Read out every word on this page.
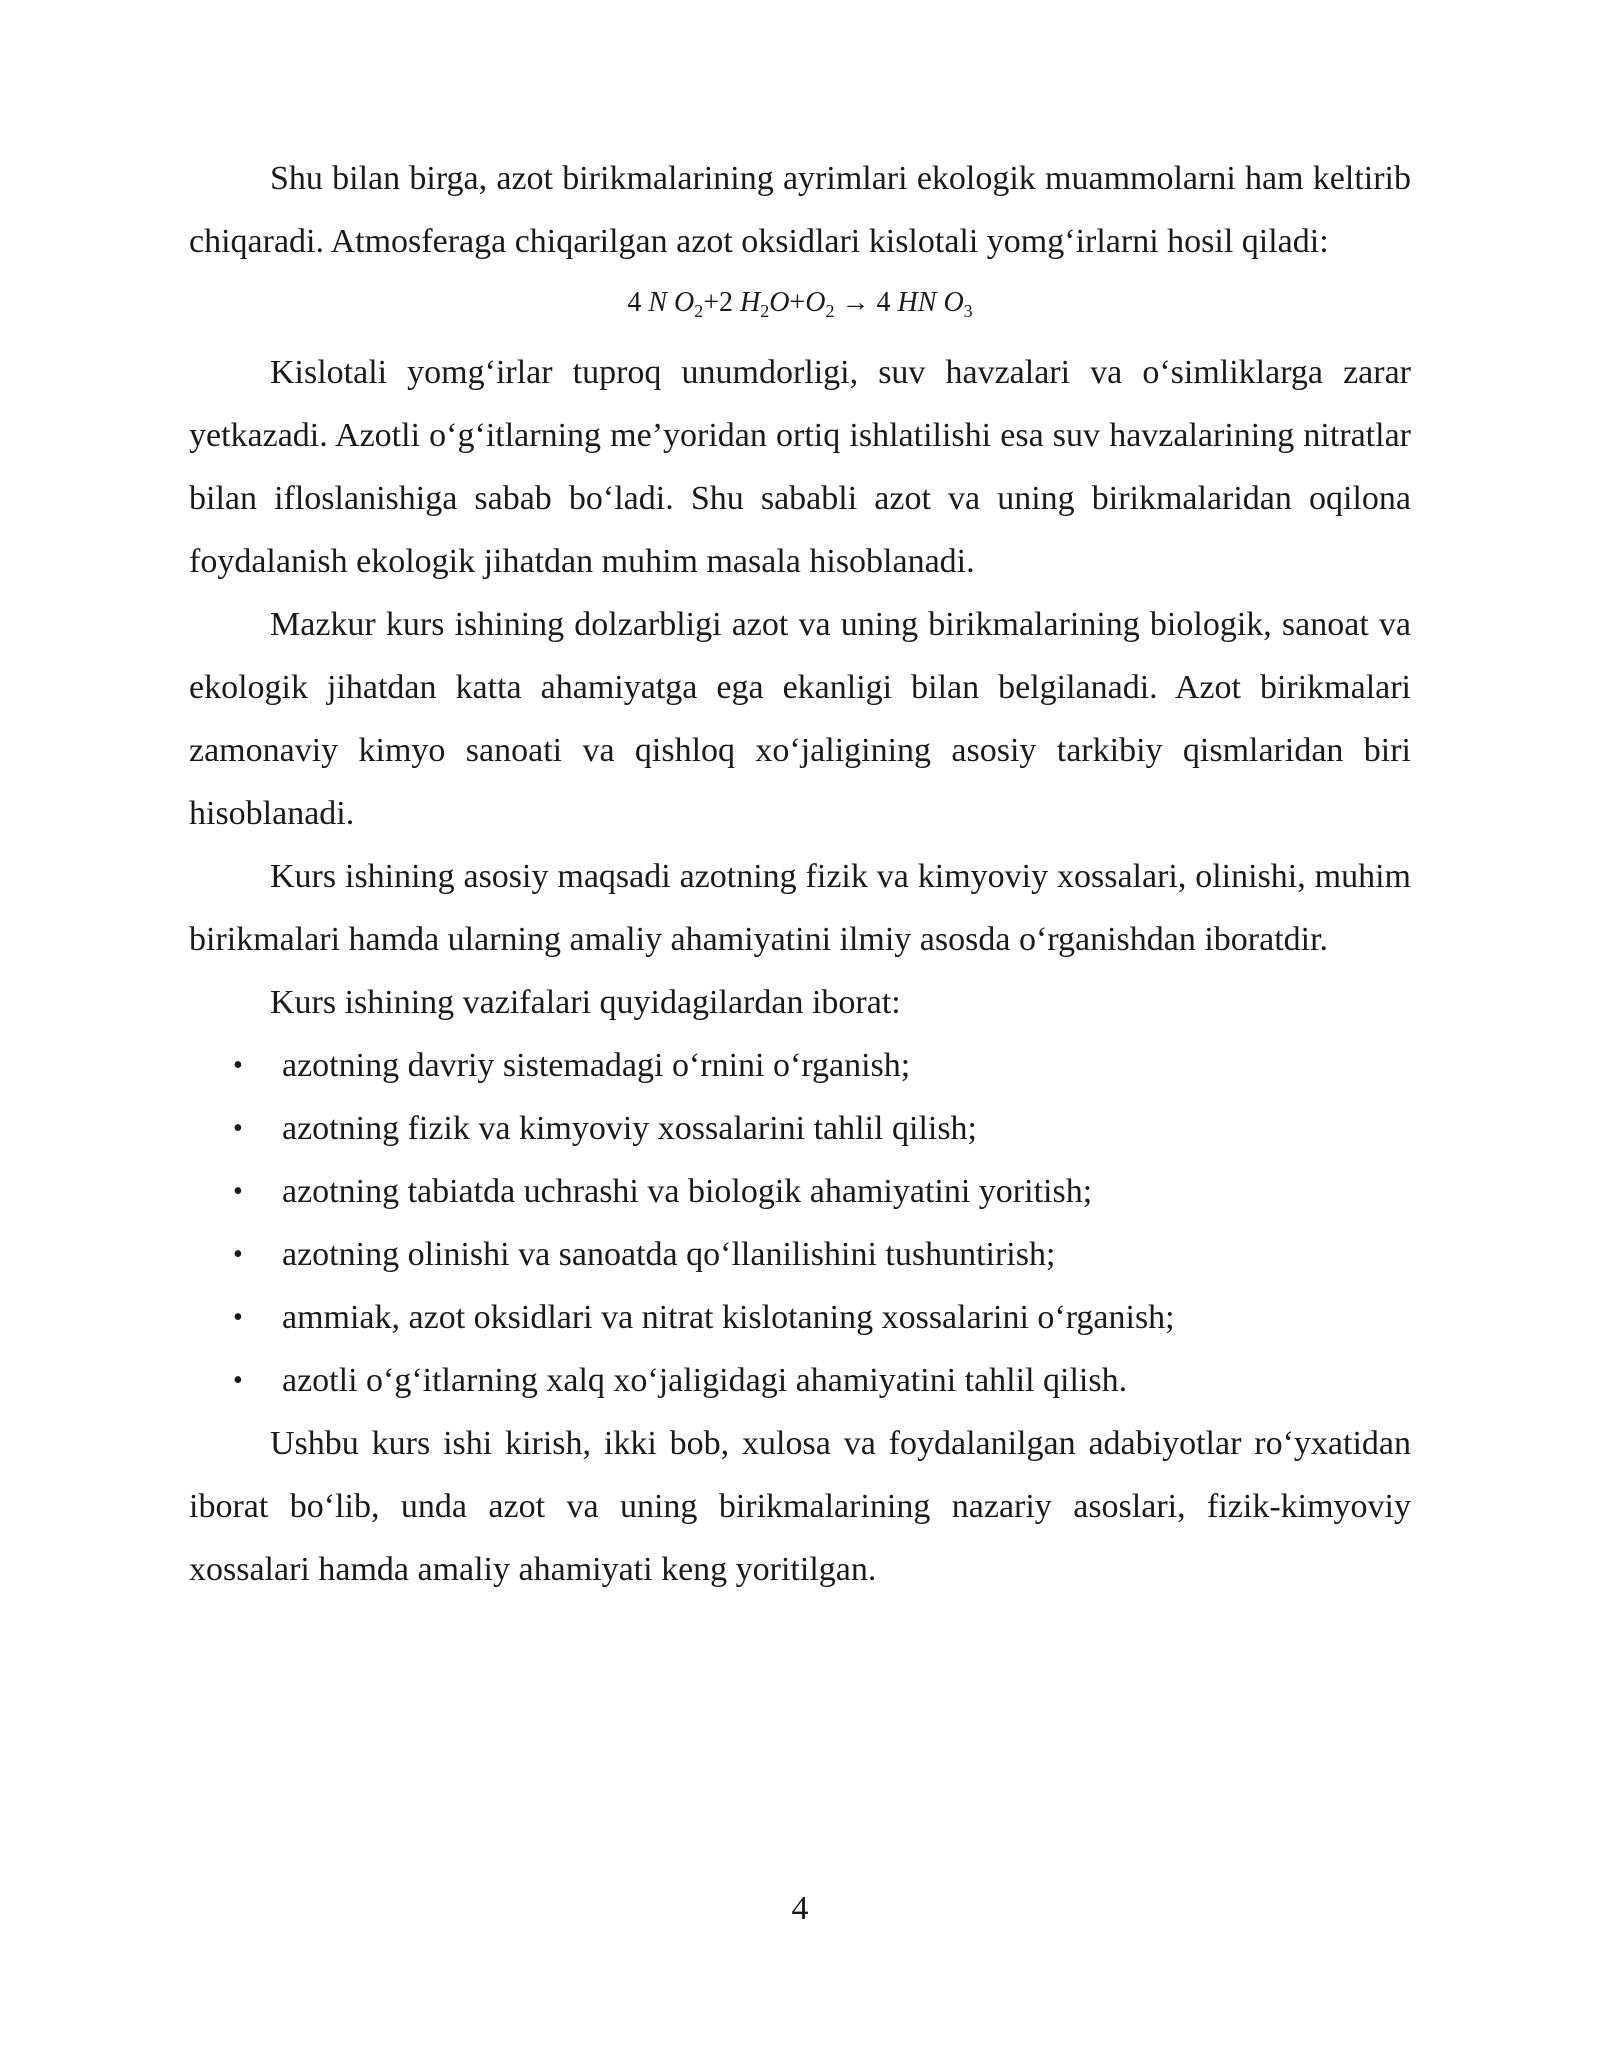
Shu bilan birga, azot birikmalarining ayrimlari ekologik muammolarni ham keltirib chiqaradi. Atmosferaga chiqarilgan azot oksidlari kislotali yomg‘irlarni hosil qiladi:

4 N $O_2+2$ $H_2O+O_2 \to 4$ HN $O_3$

Kislotali yomg‘irlar tuproq unumdorligi, suv havzalari va o‘simliklarga zarar yetkazadi. Azotli o‘g‘itlarning me’yoridan ortiq ishlatilishi esa suv havzalarining nitratlar bilan ifloslanishiga sabab bo‘ladi. Shu sababli azot va uning birikmalaridan oqilona foydalanish ekologik jihatdan muhim masala hisoblanadi.

Mazkur kurs ishining dolzarbligi azot va uning birikmalarining biologik, sanoat va ekologik jihatdan katta ahamiyatga ega ekanligi bilan belgilanadi. Azot birikmalari zamonaviy kimyo sanoati va qishloq xo‘jaligining asosiy tarkibiy qismlaridan biri hisoblanadi.

Kurs ishining asosiy maqsadi azotning fizik va kimyoviy xossalari, olinishi, muhim birikmalari hamda ularning amaliy ahamiyatini ilmiy asosda o‘rganishdan iboratdir.

Kurs ishining vazifalari quyidagilardan iborat:

• azotning davriy sistemadagi o‘rnini o‘rganish;
• azotning fizik va kimyoviy xossalarini tahlil qilish;
• azotning tabiatda uchrashi va biologik ahamiyatini yoritish;
• azotning olinishi va sanoatda qo‘llanilishini tushuntirish;
• ammiak, azot oksidlari va nitrat kislotaning xossalarini o‘rganish;
• azotli o‘g‘itlarning xalq xo‘jaligidagi ahamiyatini tahlil qilish.

Ushbu kurs ishi kirish, ikki bob, xulosa va foydalanilgan adabiyotlar ro‘yxatidan iborat bo‘lib, unda azot va uning birikmalarining nazariy asoslari, fizik-kimyoviy xossalari hamda amaliy ahamiyati keng yoritilgan.

4
